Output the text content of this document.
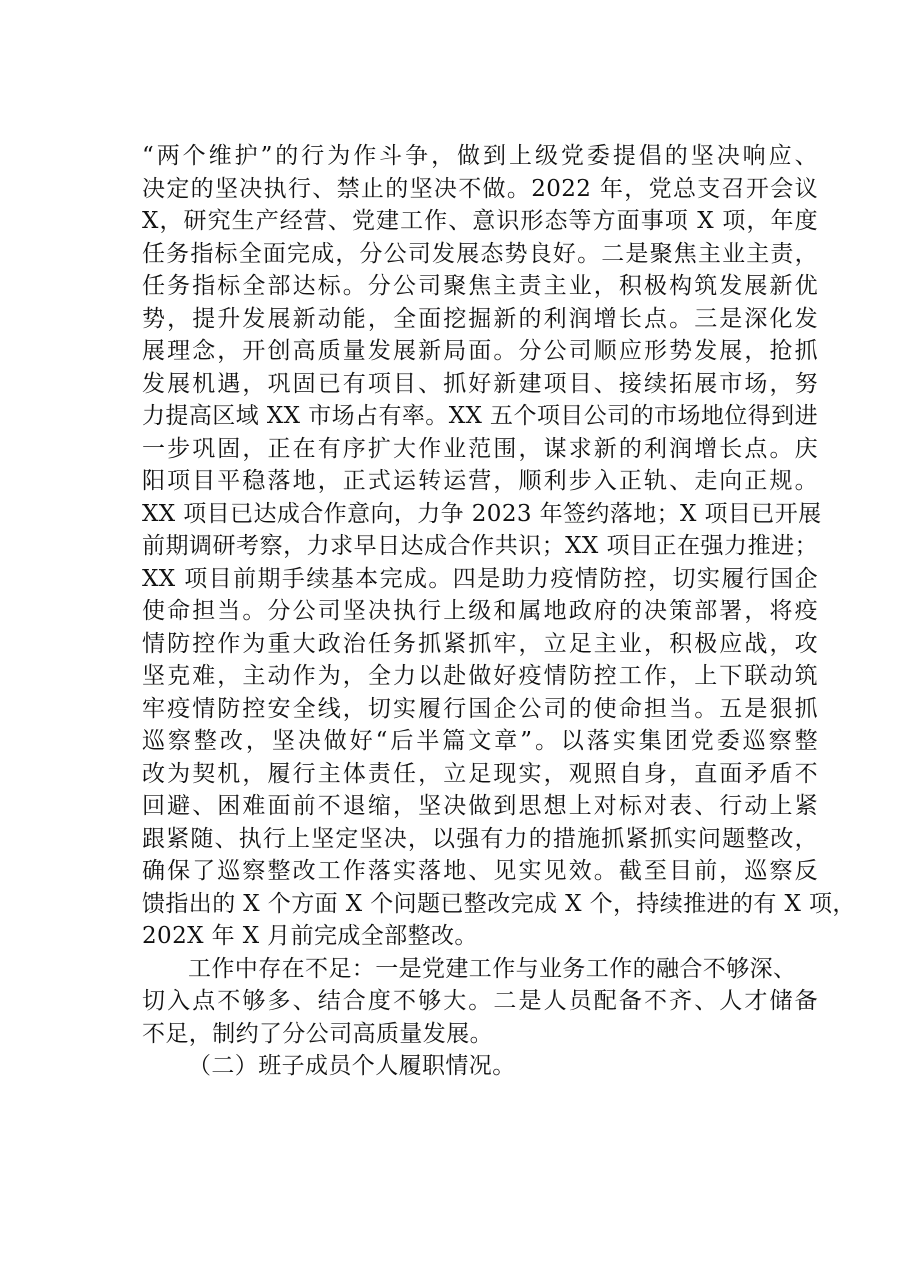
“两个维护”的行为作斗争，做到上级党委提倡的坚决响应、
决定的坚决执行、禁止的坚决不做。2022 年，党总支召开会议
X，研究生产经营、党建工作、意识形态等方面事项 X 项，年度
任务指标全面完成，分公司发展态势良好。二是聚焦主业主责，
任务指标全部达标。分公司聚焦主责主业，积极构筑发展新优
势，提升发展新动能，全面挖掘新的利润增长点。三是深化发
展理念，开创高质量发展新局面。分公司顺应形势发展，抢抓
发展机遇，巩固已有项目、抓好新建项目、接续拓展市场，努
力提高区域 XX 市场占有率。XX 五个项目公司的市场地位得到进
一步巩固，正在有序扩大作业范围，谋求新的利润增长点。庆
阳项目平稳落地，正式运转运营，顺利步入正轨、走向正规。
XX 项目已达成合作意向，力争 2023 年签约落地；X 项目已开展
前期调研考察，力求早日达成合作共识；XX 项目正在强力推进；
XX 项目前期手续基本完成。四是助力疫情防控，切实履行国企
使命担当。分公司坚决执行上级和属地政府的决策部署，将疫
情防控作为重大政治任务抓紧抓牢，立足主业，积极应战，攻
坚克难，主动作为，全力以赴做好疫情防控工作，上下联动筑
牢疫情防控安全线，切实履行国企公司的使命担当。五是狠抓
巡察整改，坚决做好“后半篇文章”。以落实集团党委巡察整
改为契机，履行主体责任，立足现实，观照自身，直面矛盾不
回避、困难面前不退缩，坚决做到思想上对标对表、行动上紧
跟紧随、执行上坚定坚决，以强有力的措施抓紧抓实问题整改，
确保了巡察整改工作落实落地、见实见效。截至目前，巡察反
馈指出的 X 个方面 X 个问题已整改完成 X 个，持续推进的有 X 项，
202X 年 X 月前完成全部整改。
工作中存在不足：一是党建工作与业务工作的融合不够深、
切入点不够多、结合度不够大。二是人员配备不齐、人才储备
不足，制约了分公司高质量发展。
（二）班子成员个人履职情况。
